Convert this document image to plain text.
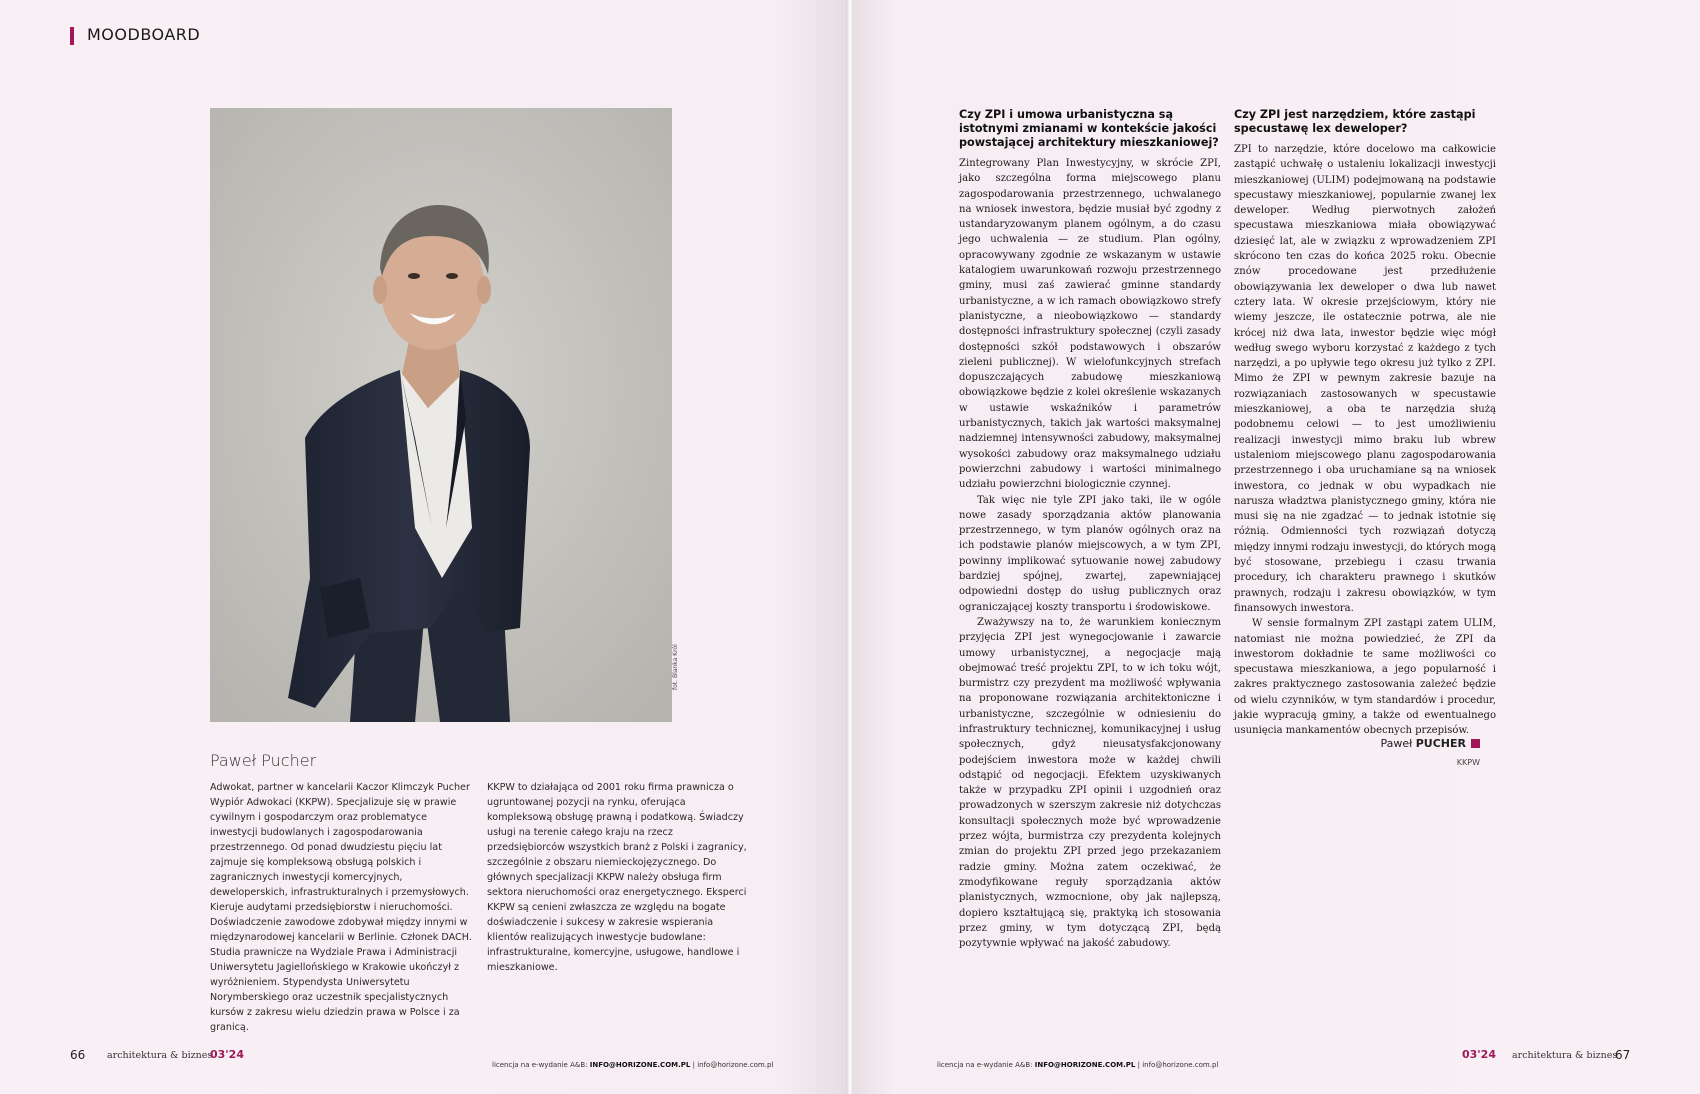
MOODBOARD
fot. Blanka Król
Paweł Pucher
Adwokat, partner w kancelarii Kaczor Klimczyk Pucher Wypiór Adwokaci (KKPW). Specjalizuje się w prawie cywilnym i gospodarczym oraz problematyce inwestycji budowlanych i zagospodarowania przestrzennego. Od ponad dwudziestu pięciu lat zajmuje się kompleksową obsługą polskich i zagranicznych inwestycji komercyjnych, deweloperskich, infrastrukturalnych i przemysłowych. Kieruje audytami przedsiębiorstw i nieruchomości. Doświadczenie zawodowe zdobywał między innymi w międzynarodowej kancelarii w Berlinie. Członek DACH. Studia prawnicze na Wydziale Prawa i Administracji Uniwersytetu Jagiellońskiego w Krakowie ukończył z wyróżnieniem. Stypendysta Uniwersytetu Norymberskiego oraz uczestnik specjalistycznych kursów z zakresu wielu dziedzin prawa w Polsce i za granicą.
KKPW to działająca od 2001 roku firma prawnicza o ugruntowanej pozycji na rynku, oferująca kompleksową obsługę prawną i podatkową. Świadczy usługi na terenie całego kraju na rzecz przedsiębiorców wszystkich branż z Polski i zagranicy, szczególnie z obszaru niemieckojęzycznego. Do głównych specjalizacji KKPW należy obsługa firm sektora nieruchomości oraz energetycznego. Eksperci KKPW są cenieni zwłaszcza ze względu na bogate doświadczenie i sukcesy w zakresie wspierania klientów realizujących inwestycje budowlane: infrastrukturalne, komercyjne, usługowe, handlowe i mieszkaniowe.
66 architektura & biznes
03'24
licencja na e-wydanie A&B: INFO@HORIZONE.COM.PL | info@horizone.com.pl
Czy ZPI i umowa urbanistyczna są istotnymi zmianami w kontekście jakości powstającej architektury mieszkaniowej?

Zintegrowany Plan Inwestycyjny, w skrócie ZPI, jako szczególna forma miejscowego planu zagospodarowania przestrzennego, uchwalanego na wniosek inwestora, będzie musiał być zgodny z ustandaryzowanym planem ogólnym, a do czasu jego uchwalenia — ze studium. Plan ogólny, opracowywany zgodnie ze wskazanym w ustawie katalogiem uwarunkowań rozwoju przestrzennego gminy, musi zaś zawierać gminne standardy urbanistyczne, a w ich ramach obowiązkowo strefy planistyczne, a nieobowiązkowo — standardy dostępności infrastruktury społecznej (czyli zasady dostępności szkół podstawowych i obszarów zieleni publicznej). W wielofunkcyjnych strefach dopuszczających zabudowę mieszkaniową obowiązkowe będzie z kolei określenie wskazanych w ustawie wskaźników i parametrów urbanistycznych, takich jak wartości maksymalnej nadziemnej intensywności zabudowy, maksymalnej wysokości zabudowy oraz maksymalnego udziału powierzchni zabudowy i wartości minimalnego udziału powierzchni biologicznie czynnej.

Tak więc nie tyle ZPI jako taki, ile w ogóle nowe zasady sporządzania aktów planowania przestrzennego, w tym planów ogólnych oraz na ich podstawie planów miejscowych, a w tym ZPI, powinny implikować sytuowanie nowej zabudowy bardziej spójnej, zwartej, zapewniającej odpowiedni dostęp do usług publicznych oraz ograniczającej koszty transportu i środowiskowe.

Zważywszy na to, że warunkiem koniecznym przyjęcia ZPI jest wynegocjowanie i zawarcie umowy urbanistycznej, a negocjacje mają obejmować treść projektu ZPI, to w ich toku wójt, burmistrz czy prezydent ma możliwość wpływania na proponowane rozwiązania architektoniczne i urbanistyczne, szczególnie w odniesieniu do infrastruktury technicznej, komunikacyjnej i usług społecznych, gdyż nieusatysfakcjonowany podejściem inwestora może w każdej chwili odstąpić od negocjacji. Efektem uzyskiwanych także w przypadku ZPI opinii i uzgodnień oraz prowadzonych w szerszym zakresie niż dotychczas konsultacji społecznych może być wprowadzenie przez wójta, burmistrza czy prezydenta kolejnych zmian do projektu ZPI przed jego przekazaniem radzie gminy. Można zatem oczekiwać, że zmodyfikowane reguły sporządzania aktów planistycznych, wzmocnione, oby jak najlepszą, dopiero kształtującą się, praktyką ich stosowania przez gminy, w tym dotyczącą ZPI, będą pozytywnie wpływać na jakość zabudowy.

Czy ZPI jest narzędziem, które zastąpi specustawę lex deweloper?

ZPI to narzędzie, które docelowo ma całkowicie zastąpić uchwałę o ustaleniu lokalizacji inwestycji mieszkaniowej (ULIM) podejmowaną na podstawie specustawy mieszkaniowej, popularnie zwanej lex deweloper. Według pierwotnych założeń specustawa mieszkaniowa miała obowiązywać dziesięć lat, ale w związku z wprowadzeniem ZPI skrócono ten czas do końca 2025 roku. Obecnie znów procedowane jest przedłużenie obowiązywania lex deweloper o dwa lub nawet cztery lata. W okresie przejściowym, który nie wiemy jeszcze, ile ostatecznie potrwa, ale nie krócej niż dwa lata, inwestor będzie więc mógł według swego wyboru korzystać z każdego z tych narzędzi, a po upływie tego okresu już tylko z ZPI. Mimo że ZPI w pewnym zakresie bazuje na rozwiązaniach zastosowanych w specustawie mieszkaniowej, a oba te narzędzia służą podobnemu celowi — to jest umożliwieniu realizacji inwestycji mimo braku lub wbrew ustaleniom miejscowego planu zagospodarowania przestrzennego i oba uruchamiane są na wniosek inwestora, co jednak w obu wypadkach nie narusza władztwa planistycznego gminy, która nie musi się na nie zgadzać — to jednak istotnie się różnią. Odmienności tych rozwiązań dotyczą między innymi rodzaju inwestycji, do których mogą być stosowane, przebiegu i czasu trwania procedury, ich charakteru prawnego i skutków prawnych, rodzaju i zakresu obowiązków, w tym finansowych inwestora.

W sensie formalnym ZPI zastąpi zatem ULIM, natomiast nie można powiedzieć, że ZPI da inwestorom dokładnie te same możliwości co specustawa mieszkaniowa, a jego popularność i zakres praktycznego zastosowania zależeć będzie od wielu czynników, w tym standardów i procedur, jakie wypracują gminy, a także od ewentualnego usunięcia mankamentów obecnych przepisów.

Paweł PUCHER
KKPW
licencja na e-wydanie A&B: INFO@HORIZONE.COM.PL | info@horizone.com.pl
03'24 architektura & biznes
67
